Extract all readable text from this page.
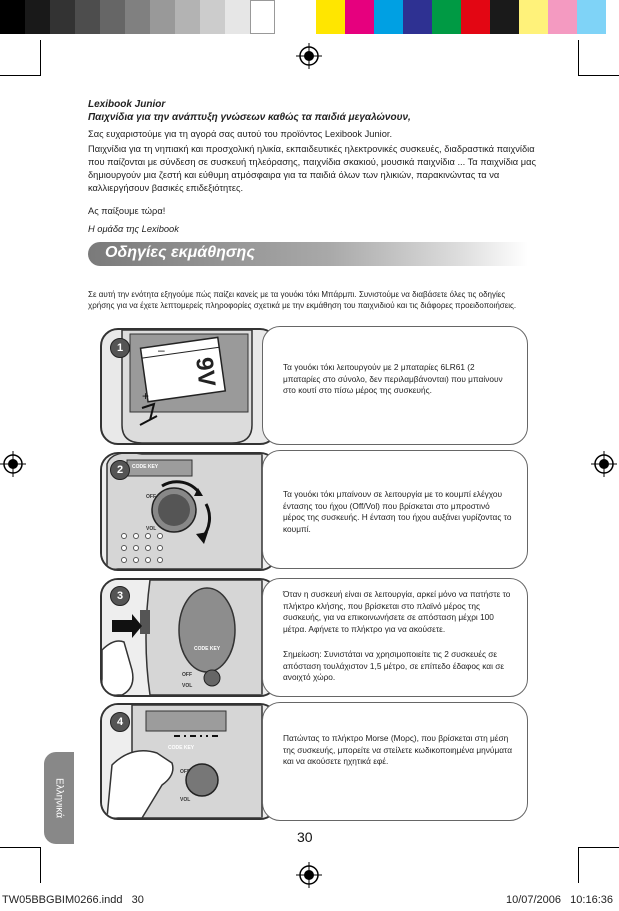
Lexibook Junior

Παιχνίδια για την ανάπτυξη γνώσεων καθώς τα παιδιά μεγαλώνουν,

Σας ευχαριστούμε για τη αγορά σας αυτού του προϊόντος Lexibook Junior.

Παιχνίδια για τη νηπιακή και προσχολική ηλικία, εκπαιδευτικές ηλεκτρονικές συσκευές, διαδραστικά παιχνίδια που παίζονται με σύνδεση σε συσκευή τηλεόρασης, παιχνίδια σκακιού, μουσικά παιχνίδια ... Τα παιχνίδια μας δημιουργούν μια ζεστή και εύθυμη ατμόσφαιρα για τα παιδιά όλων των ηλικιών, παρακινώντας τα να καλλιεργήσουν βασικές επιδεξιότητες.

Ας παίξουμε τώρα!

Η ομάδα της Lexibook

Οδηγίες εκμάθησης

Σε αυτή την ενότητα εξηγούμε πώς παίζει κανείς με τα γουόκι τόκι Μπάρμπι. Συνιστούμε να διαβάσετε όλες τις οδηγίες χρήσης για να έχετε λεπτομερείς πληροφορίες σχετικά με την εκμάθηση του παιχνιδιού και τις διάφορες προειδοποιήσεις.

+
–
9V
1

Τα γουόκι τόκι λειτουργούν με 2 μπαταρίες 6LR61 (2 μπαταρίες στο σύνολο, δεν περιλαμβάνονται) που μπαίνουν στο κουτί στο πίσω μέρος της συσκευής.

CODE KEY
OFF
VOL
2

Τα γουόκι τόκι μπαίνουν σε λειτουργία με το κουμπί ελέγχου έντασης του ήχου (Off/Vol) που βρίσκεται στο μπροστινό μέρος της συσκευής. Η ένταση του ήχου αυξάνει γυρίζοντας το κουμπί.

CODE KEY
OFF
VOL
3	Όταν η συσκευή είναι σε λειτουργία, αρκεί μόνο να πατήστε το πλήκτρο κλήσης, που βρίσκεται στο πλαϊνό μέρος της συσκευής, για να επικοινωνήσετε σε απόσταση μέχρι 100 μέτρα. Αφήνετε το πλήκτρο για να ακούσετε.

Σημείωση: Συνιστάται να χρησιμοποιείτε τις 2 συσκευές σε απόσταση τουλάχιστον 1,5 μέτρο, σε επίπεδο έδαφος και σε ανοιχτό χώρο.

CODE KEY
OFF
VOL
4

Πατώντας το πλήκτρο Morse (Μορς), που βρίσκεται στη μέση της συσκευής, μπορείτε να στείλετε κωδικοποιημένα μηνύματα και να ακούσετε ηχητικά εφέ.

Ελληνικά
30
TW05BBGBIM0266.indd   30	10/07/2006   10:16:36
